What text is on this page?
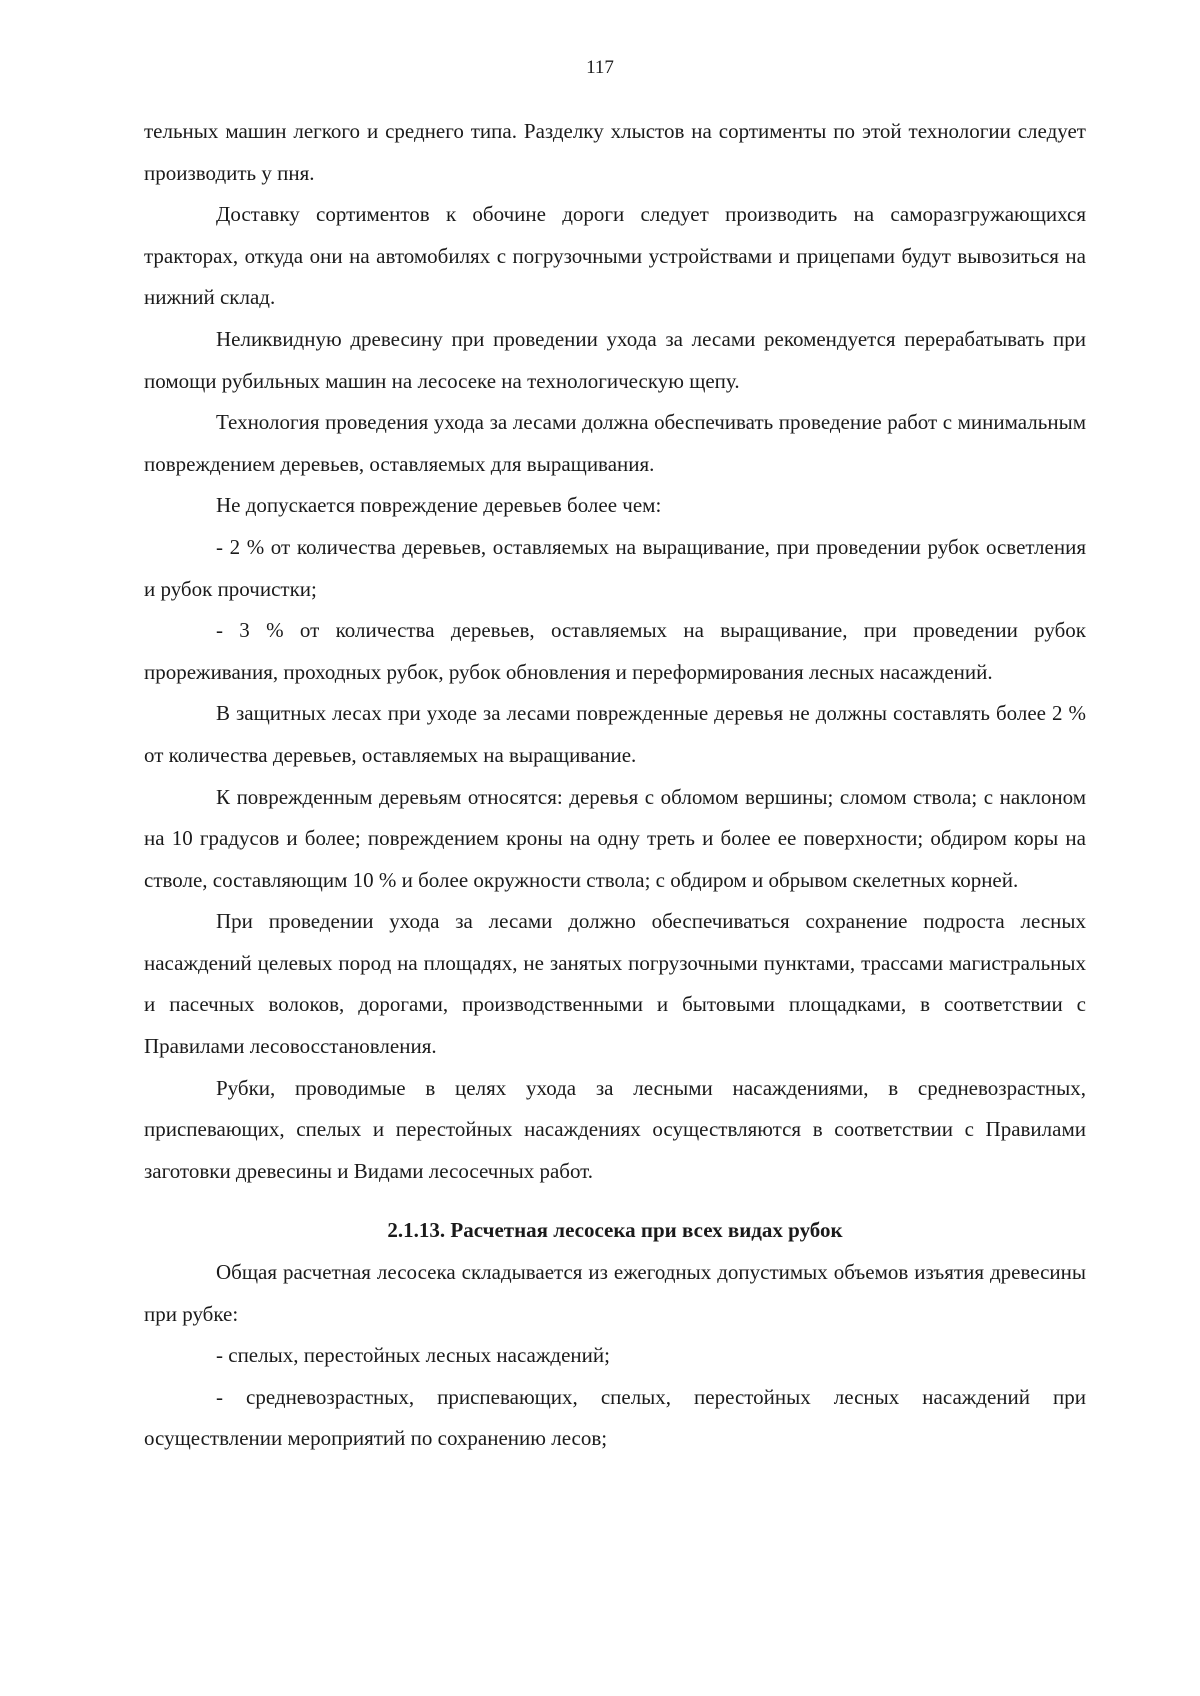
117

тельных машин легкого и среднего типа. Разделку хлыстов на сортименты по этой технологии следует производить у пня.

Доставку сортиментов к обочине дороги следует производить на саморазгружающихся тракторах, откуда они на автомобилях с погрузочными устройствами и прицепами будут вывозиться на нижний склад.

Неликвидную древесину при проведении ухода за лесами рекомендуется перерабатывать при помощи рубильных машин на лесосеке на технологическую щепу.

Технология проведения ухода за лесами должна обеспечивать проведение работ с минимальным повреждением деревьев, оставляемых для выращивания.

Не допускается повреждение деревьев более чем:

- 2 % от количества деревьев, оставляемых на выращивание, при проведении рубок осветления и рубок прочистки;

- 3 % от количества деревьев, оставляемых на выращивание, при проведении рубок прореживания, проходных рубок, рубок обновления и переформирования лесных насаждений.

В защитных лесах при уходе за лесами поврежденные деревья не должны составлять более 2 % от количества деревьев, оставляемых на выращивание.

К поврежденным деревьям относятся: деревья с обломом вершины; сломом ствола; с наклоном на 10 градусов и более; повреждением кроны на одну треть и более ее поверхности; обдиром коры на стволе, составляющим 10 % и более окружности ствола; с обдиром и обрывом скелетных корней.

При проведении ухода за лесами должно обеспечиваться сохранение подроста лесных насаждений целевых пород на площадях, не занятых погрузочными пунктами, трассами магистральных и пасечных волоков, дорогами, производственными и бытовыми площадками, в соответствии с Правилами лесовосстановления.

Рубки, проводимые в целях ухода за лесными насаждениями, в средневозрастных, приспевающих, спелых и перестойных насаждениях осуществляются в соответствии с Правилами заготовки древесины и Видами лесосечных работ.

2.1.13. Расчетная лесосека при всех видах рубок

Общая расчетная лесосека складывается из ежегодных допустимых объемов изъятия древесины при рубке:

- спелых, перестойных лесных насаждений;

- средневозрастных, приспевающих, спелых, перестойных лесных насаждений при осуществлении мероприятий по сохранению лесов;
